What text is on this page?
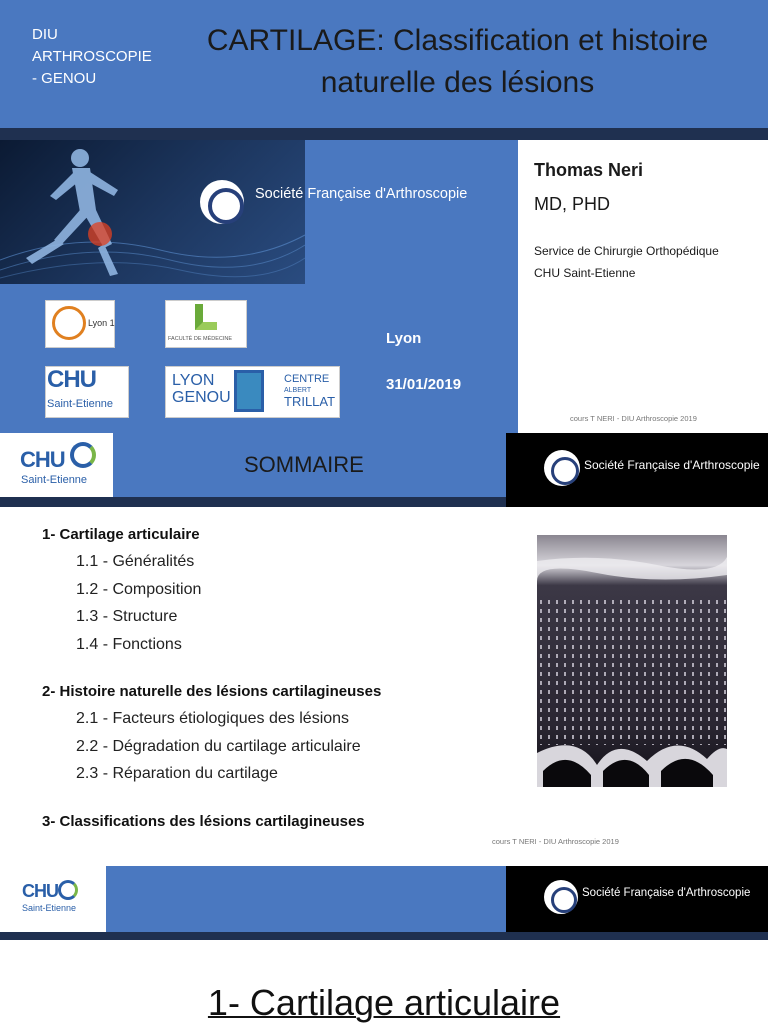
DIU
ARTHROSCOPIE
- GENOU
CARTILAGE: Classification et histoire
naturelle des lésions
Société Française d'Arthroscopie
Lyon 1
FACULTÉ DE MÉDECINE
CHU
Saint-Etienne
LYON
GENOU
CENTRE
ALBERT
TRILLAT
Lyon
31/01/2019
Thomas Neri
MD, PHD
Service de Chirurgie Orthopédique
CHU Saint-Etienne
cours T NERI - DIU Arthroscopie 2019
CHU
Saint-Etienne
SOMMAIRE	Société Française d'Arthroscopie
1- Cartilage articulaire
1.1 - Généralités
1.2 - Composition
1.3 - Structure
1.4 - Fonctions
2- Histoire naturelle des lésions cartilagineuses
2.1 - Facteurs étiologiques des lésions
2.2 - Dégradation du cartilage articulaire
2.3 - Réparation du cartilage
3- Classifications des lésions cartilagineuses
cours T NERI - DIU Arthroscopie 2019
CHU
Saint-Etienne
Société Française d'Arthroscopie
1- Cartilage articulaire
